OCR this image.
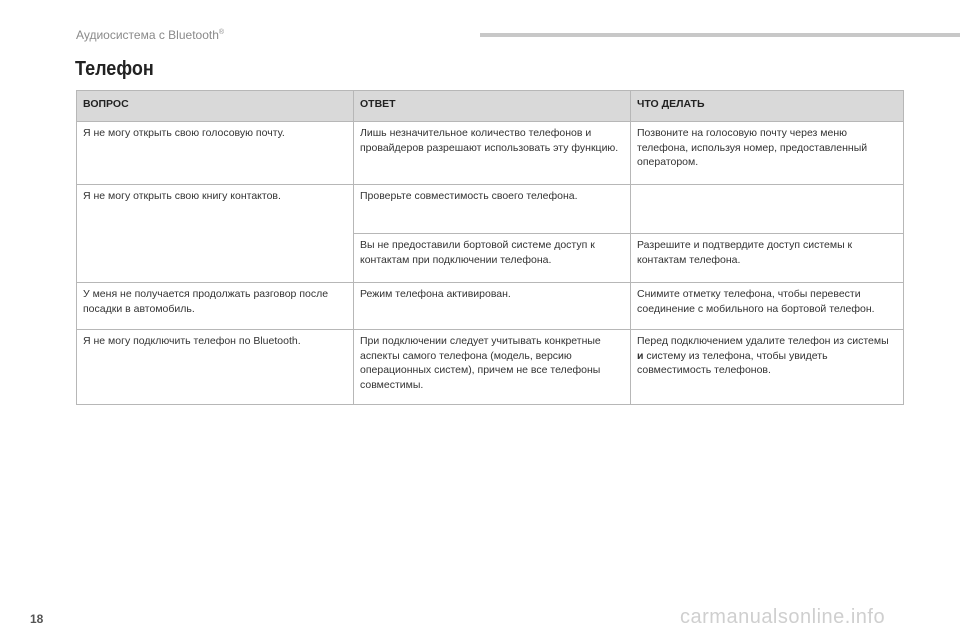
Аудиосистема с Bluetooth®
Телефон
ВОПРОС	ОТВЕТ	ЧТО ДЕЛАТЬ
Я не могу открыть свою голосовую почту.	Лишь незначительное количество телефонов и провайдеров разрешают использовать эту функцию.	Позвоните на голосовую почту через меню телефона, используя номер, предоставленный оператором.
Я не могу открыть свою книгу контактов.	Проверьте совместимость своего телефона.	
	Вы не предоставили бортовой системе доступ к контактам при подключении телефона.	Разрешите и подтвердите доступ системы к контактам телефона.
У меня не получается продолжать разговор после посадки в автомобиль.	Режим телефона активирован.	Снимите отметку телефона, чтобы перевести соединение с мобильного на бортовой телефон.
Я не могу подключить телефон по Bluetooth.	При подключении следует учитывать конкретные аспекты самого телефона (модель, версию операционных систем), причем не все телефоны совместимы.	Перед подключением удалите телефон из системы и систему из телефона, чтобы увидеть совместимость телефонов.
18	carmanualsonline.info
